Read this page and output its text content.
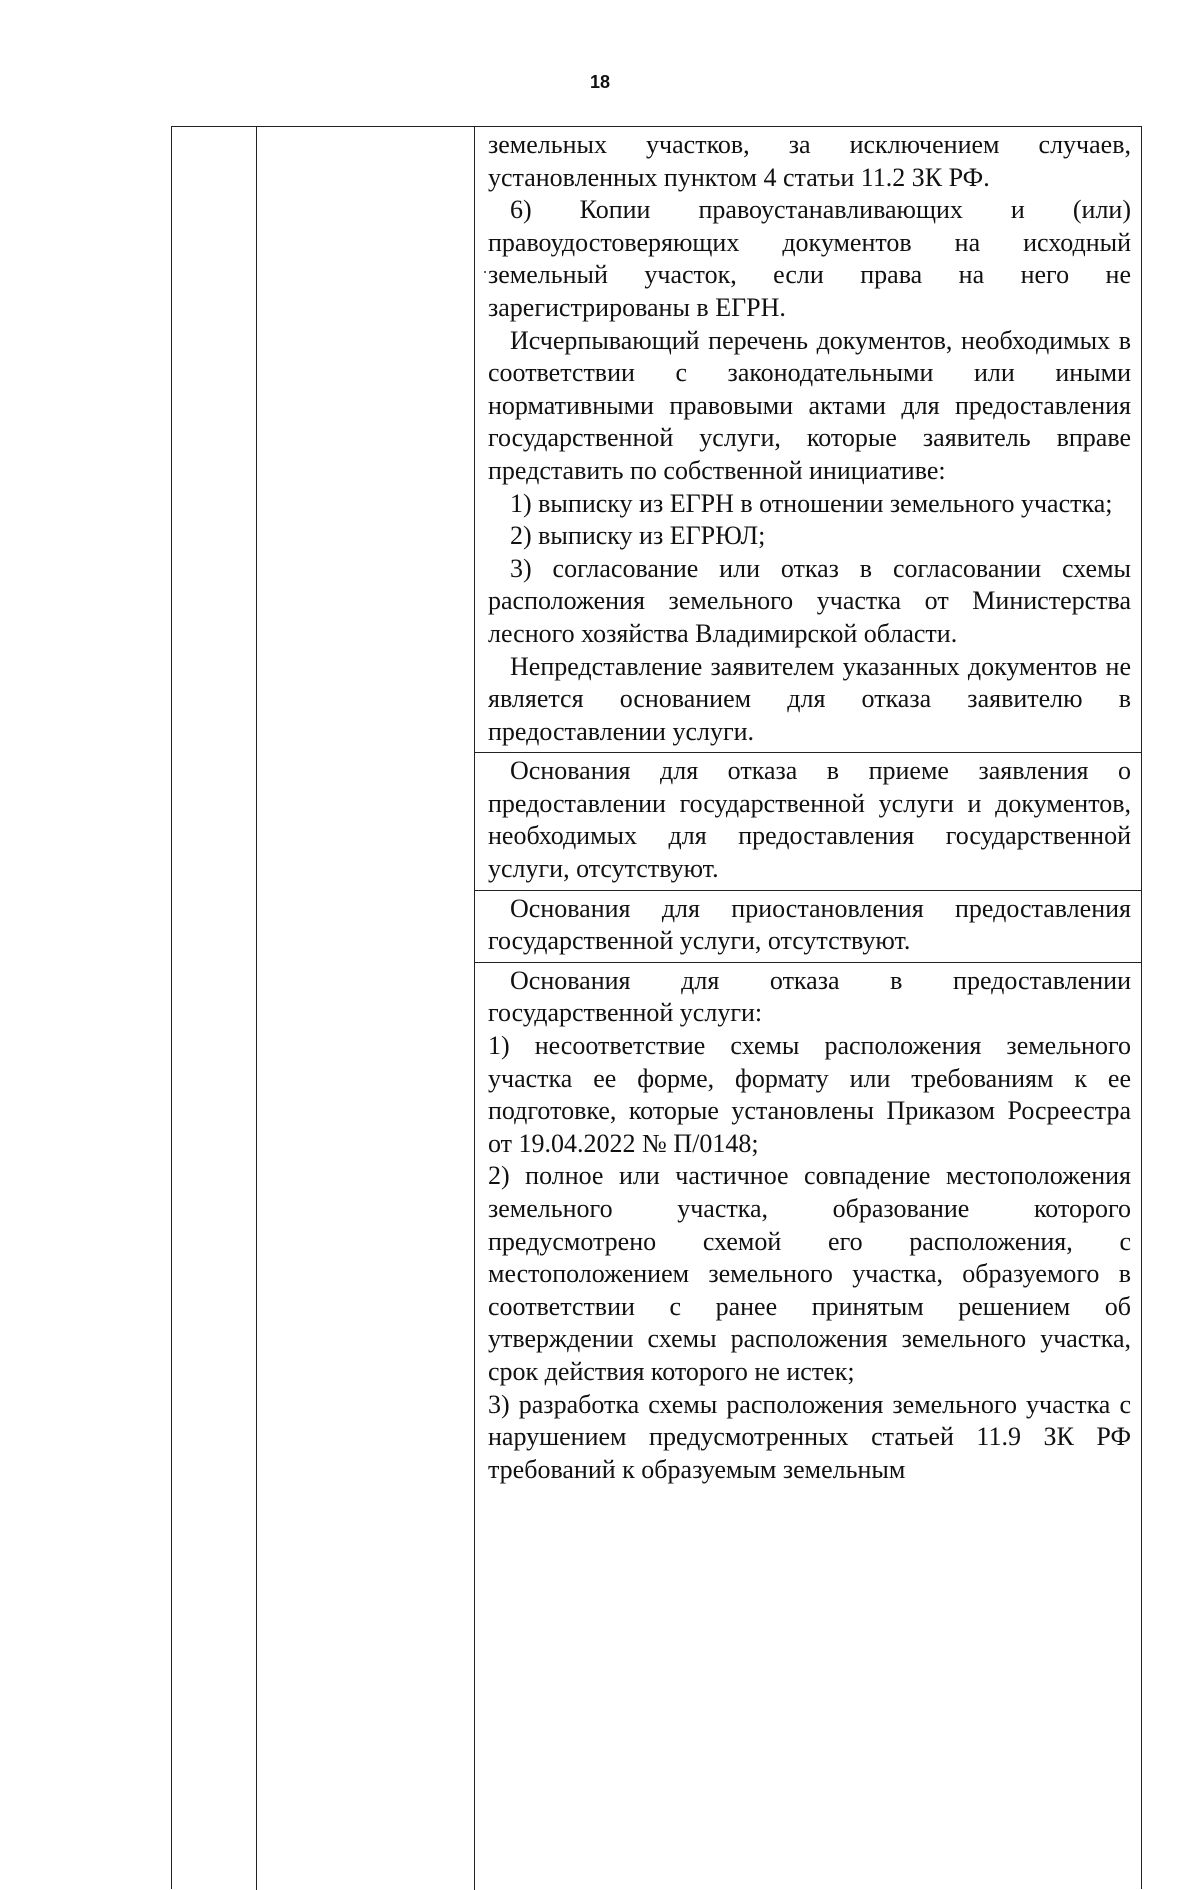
18

земельных участков, за исключением случаев, установленных пунктом 4 статьи 11.2 ЗК РФ.

6) Копии правоустанавливающих и (или) правоудостоверяющих документов на исходный земельный участок, если права на него не зарегистрированы в ЕГРН.

Исчерпывающий перечень документов, необходимых в соответствии с законодательными или иными нормативными правовыми актами для предоставления государственной услуги, которые заявитель вправе представить по собственной инициативе:

1) выписку из ЕГРН в отношении земельного участка;

2) выписку из ЕГРЮЛ;

3) согласование или отказ в согласовании схемы расположения земельного участка от Министерства лесного хозяйства Владимирской области.

Непредставление заявителем указанных документов не является основанием для отказа заявителю в предоставлении услуги.

Основания для отказа в приеме заявления о предоставлении государственной услуги и документов, необходимых для предоставления государственной услуги, отсутствуют.

Основания для приостановления предоставления государственной услуги, отсутствуют.

Основания для отказа в предоставлении государственной услуги:

1) несоответствие схемы расположения земельного участка ее форме, формату или требованиям к ее подготовке, которые установлены Приказом Росреестра от 19.04.2022 № П/0148;

2) полное или частичное совпадение местоположения земельного участка, образование которого предусмотрено схемой его расположения, с местоположением земельного участка, образуемого в соответствии с ранее принятым решением об утверждении схемы расположения земельного участка, срок действия которого не истек;

3) разработка схемы расположения земельного участка с нарушением предусмотренных статьей 11.9 ЗК РФ требований к образуемым земельным
